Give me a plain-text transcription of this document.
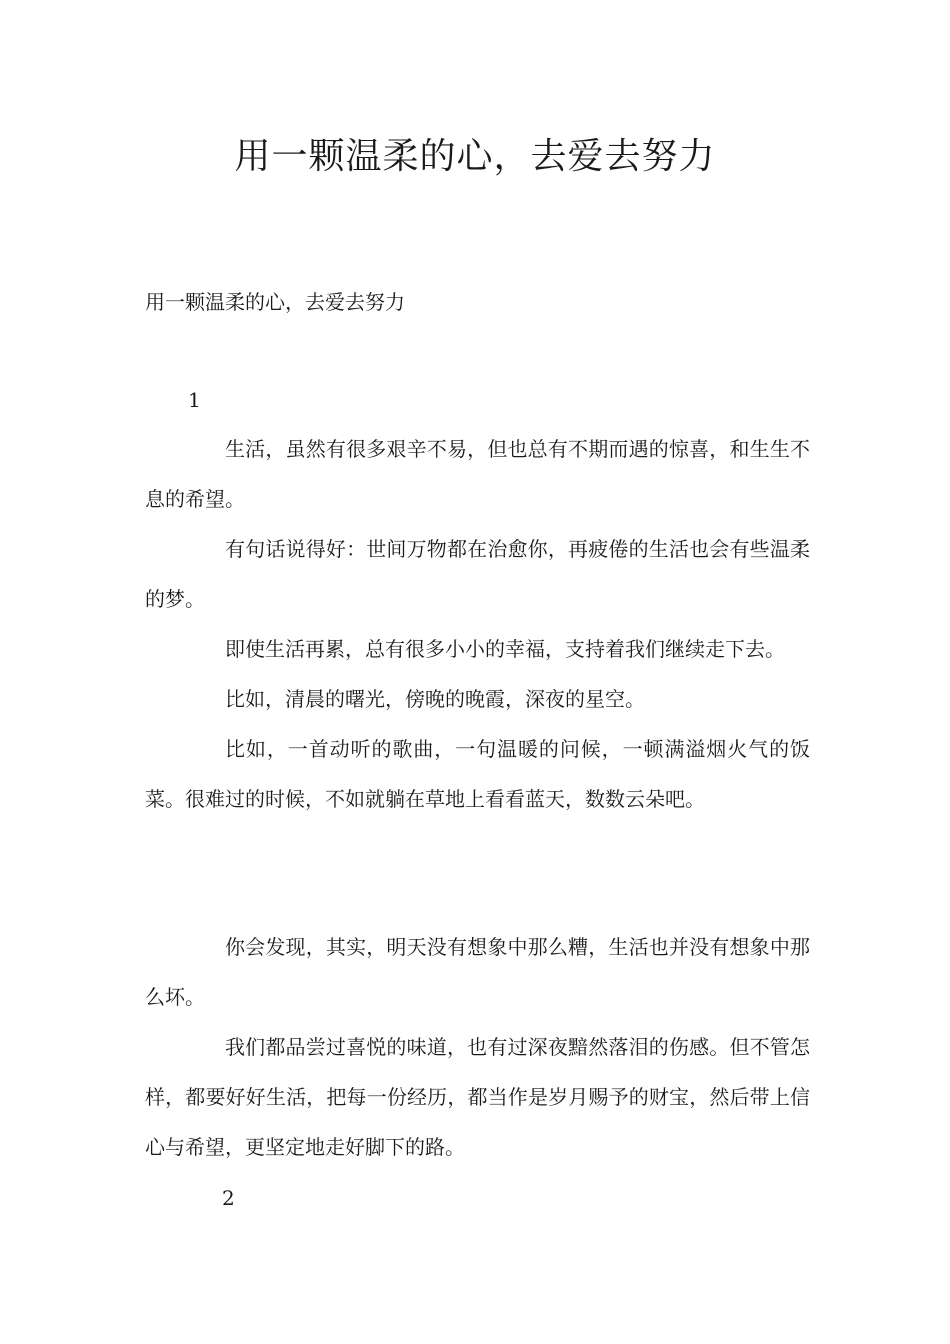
用一颗温柔的心，去爱去努力
用一颗温柔的心，去爱去努力
1

生活，虽然有很多艰辛不易，但也总有不期而遇的惊喜，和生生不息的希望。

有句话说得好：世间万物都在治愈你，再疲倦的生活也会有些温柔的梦。

即使生活再累，总有很多小小的幸福，支持着我们继续走下去。

比如，清晨的曙光，傍晚的晚霞，深夜的星空。

比如，一首动听的歌曲，一句温暖的问候，一顿满溢烟火气的饭菜。很难过的时候，不如就躺在草地上看看蓝天，数数云朵吧。

你会发现，其实，明天没有想象中那么糟，生活也并没有想象中那么坏。

我们都品尝过喜悦的味道，也有过深夜黯然落泪的伤感。但不管怎样，都要好好生活，把每一份经历，都当作是岁月赐予的财宝，然后带上信心与希望，更坚定地走好脚下的路。

2
